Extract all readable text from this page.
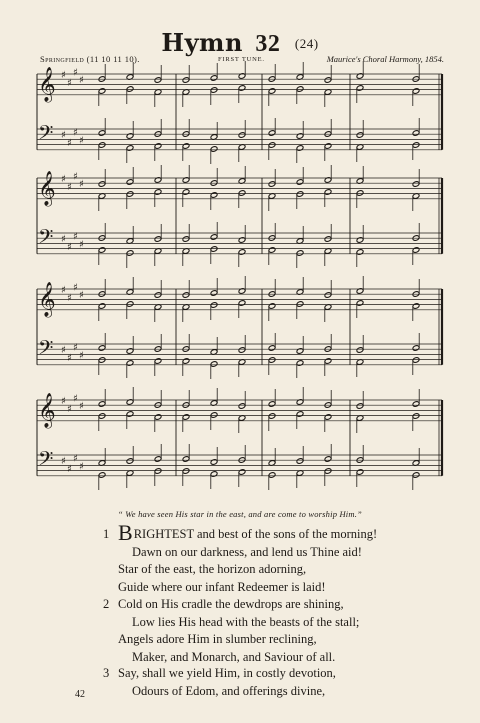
Hymn 32 (24)
Springfield (11 10 11 10).	FIRST TUNE.	Maurice's Choral Harmony, 1854.
𝄞 ♯
♯
♯
♯
𝄢 ♯
♯
♯
♯
𝄞 ♯
♯
♯
♯
𝄢 ♯
♯
♯
♯
𝄞 ♯
♯
♯
♯
𝄢 ♯
♯
♯
♯
𝄞 ♯
♯
♯
♯
𝄢 ♯
♯
♯
♯
“ We have seen His star in the east, and are come to worship Him.”
1 BRIGHTEST and best of the sons of the morning!
Dawn on our darkness, and lend us Thine aid!
Star of the east, the horizon adorning,
Guide where our infant Redeemer is laid!
2 Cold on His cradle the dewdrops are shining,
Low lies His head with the beasts of the stall;
Angels adore Him in slumber reclining,
Maker, and Monarch, and Saviour of all.
3 Say, shall we yield Him, in costly devotion,
Odours of Edom, and offerings divine,
42
